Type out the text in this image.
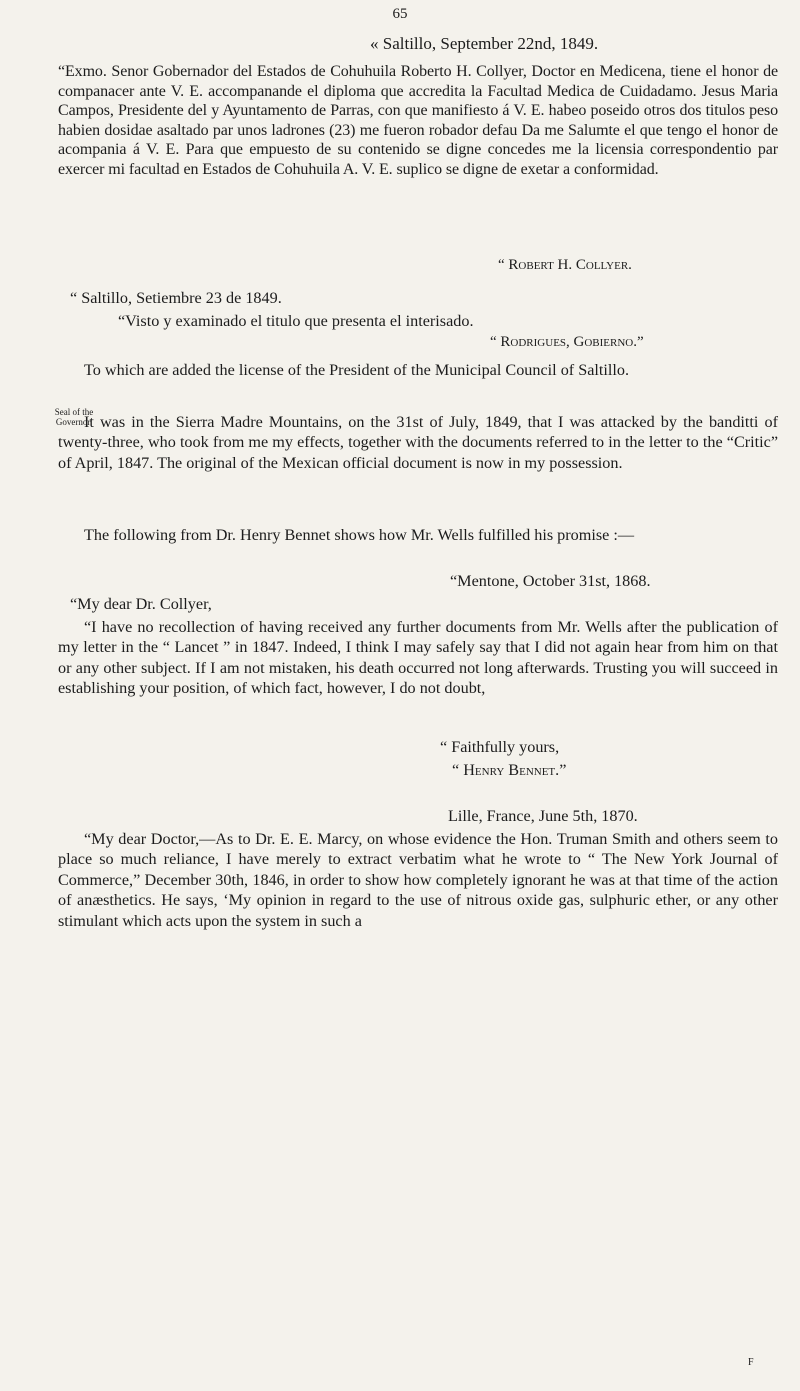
65
« Saltillo, September 22nd, 1849.
“Exmo. Senor Gobernador del Estados de Cohuhuila Roberto H. Collyer, Doctor en Medicena, tiene el honor de companacer ante V. E. accompanande el diploma que accredita la Facultad Medica de Cuidadamo. Jesus Maria Campos, Presidente del y Ayuntamento de Parras, con que manifiesto á V. E. habeo poseido otros dos titulos peso habien dosidae asaltado par unos ladrones (23) me fueron robador defau Da me Salumte el que tengo el honor de acompania á V. E. Para que empuesto de su contenido se digne concedes me la licensia correspondentio par exercer mi facultad en Estados de Cohuhuila A. V. E. suplico se digne de exetar a conformidad.
“ Robert H. Collyer.
“ Saltillo, Setiembre 23 de 1849.
Seal of the Governor.
“Visto y examinado el titulo que presenta el interisado.
“ Rodrigues, Gobierno.”
To which are added the license of the President of the Municipal Council of Saltillo.
It was in the Sierra Madre Mountains, on the 31st of July, 1849, that I was attacked by the banditti of twenty-three, who took from me my effects, together with the documents referred to in the letter to the “Critic” of April, 1847. The original of the Mexican official document is now in my possession.
The following from Dr. Henry Bennet shows how Mr. Wells fulfilled his promise :—
“Mentone, October 31st, 1868.
“My dear Dr. Collyer,
“I have no recollection of having received any further documents from Mr. Wells after the publication of my letter in the “ Lancet ” in 1847. Indeed, I think I may safely say that I did not again hear from him on that or any other subject. If I am not mistaken, his death occurred not long afterwards. Trusting you will succeed in establishing your position, of which fact, however, I do not doubt,
“ Faithfully yours,
“ Henry Bennet.”
Lille, France, June 5th, 1870.
“My dear Doctor,—As to Dr. E. E. Marcy, on whose evidence the Hon. Truman Smith and others seem to place so much reliance, I have merely to extract verbatim what he wrote to “ The New York Journal of Commerce,” December 30th, 1846, in order to show how completely ignorant he was at that time of the action of anæsthetics. He says, ‘My opinion in regard to the use of nitrous oxide gas, sulphuric ether, or any other stimulant which acts upon the system in such a
F
